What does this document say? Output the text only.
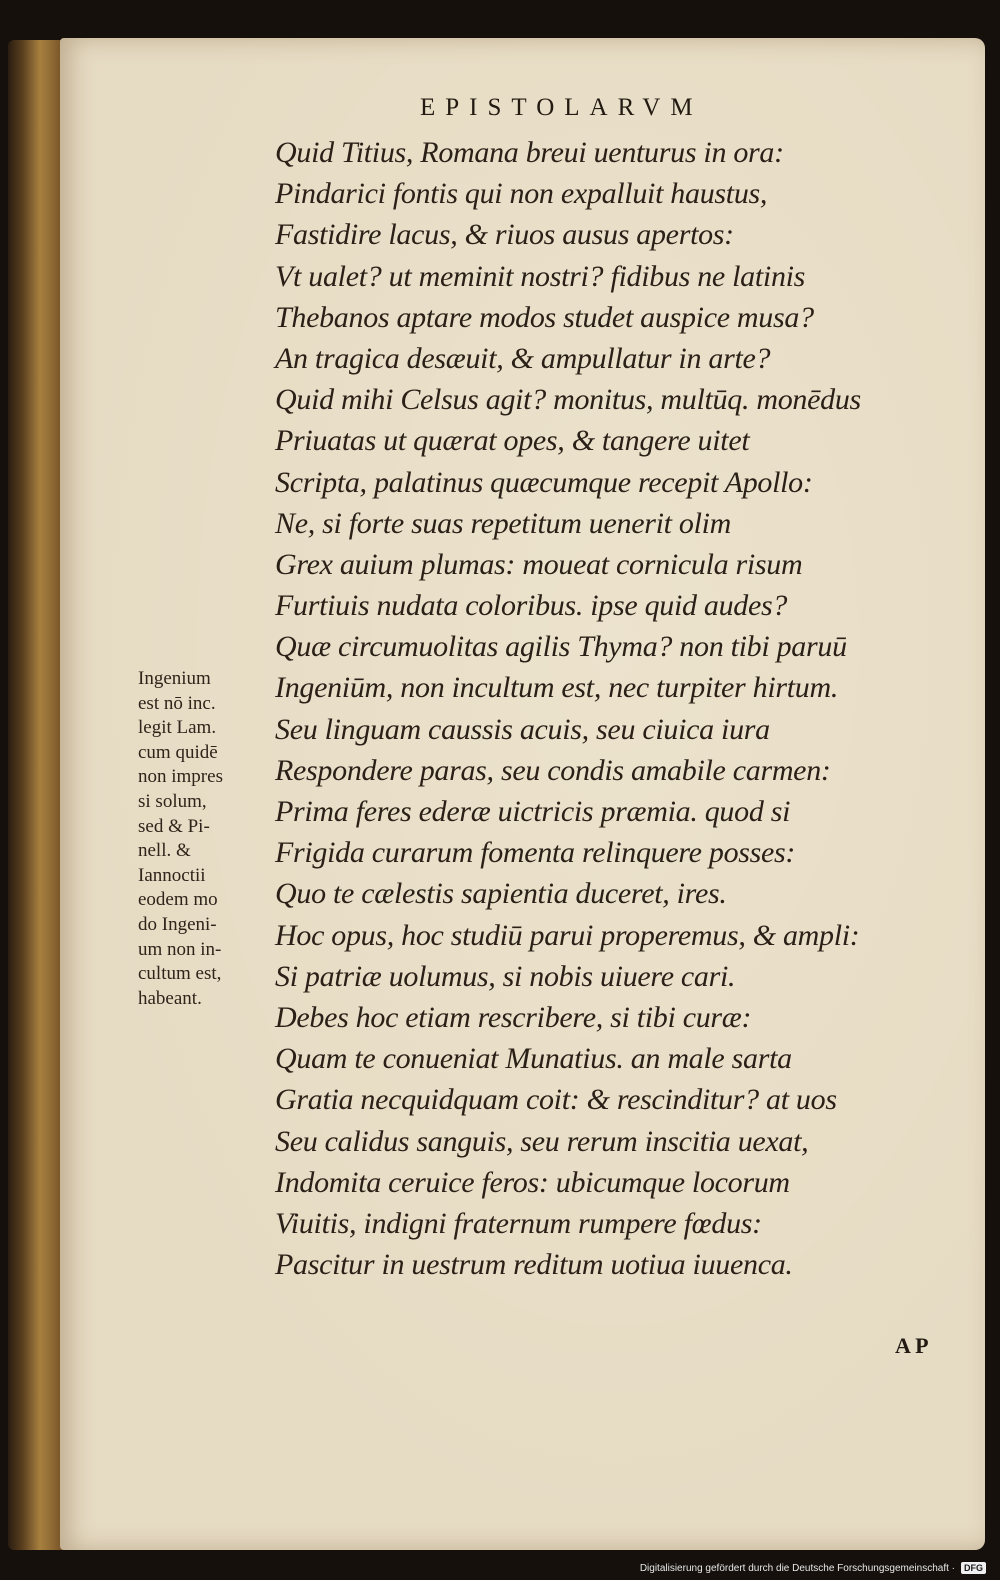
EPISTOLARVM
Quid Titius, Romana breui uenturus in ora:
Pindarici fontis qui non expalluit haustus,
Fastidire lacus, & riuos ausus apertos:
Vt ualet? ut meminit nostri? fidibus ne latinis
Thebanos aptare modos studet auspice musa?
An tragica desæuit, & ampullatur in arte?
Quid mihi Celsus agit? monitus, multūq. monēdus
Priuatas ut quærat opes, & tangere uitet
Scripta, palatinus quæcumque recepit Apollo:
Ne, si forte suas repetitum uenerit olim
Grex auium plumas: moueat cornicula risum
Furtiuis nudata coloribus. ipse quid audes?
Quæ circumuolitas agilis Thyma? non tibi paruū
Ingeniūm, non incultum est, nec turpiter hirtum.
Seu linguam caussis acuis, seu ciuica iura
Respondere paras, seu condis amabile carmen:
Prima feres ederæ uictricis præmia. quod si
Frigida curarum fomenta relinquere posses:
Quo te cælestis sapientia duceret, ires.
Hoc opus, hoc studiū parui properemus, & ampli:
Si patriæ uolumus, si nobis uiuere cari.
Debes hoc etiam rescribere, si tibi curæ:
Quam te conueniat Munatius. an male sarta
Gratia necquidquam coit: & rescinditur? at uos
Seu calidus sanguis, seu rerum inscitia uexat,
Indomita ceruice feros: ubicumque locorum
Viuitis, indigni fraternum rumpere fœdus:
Pascitur in uestrum reditum uotiua iuuenca.
Ingenium
est nō inc.
legit Lam.
cum quidē
non impres
si solum,
sed & Pi-
nell. &
Iannoctii
eodem mo
do Ingeni-
um non in-
cultum est,
habeant.
A P
Digitalisierung gefördert durch die Deutsche Forschungsgemeinschaft ·	DFG
